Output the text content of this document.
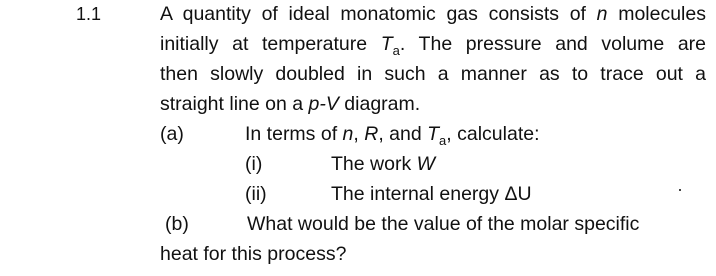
1.1	A quantity of ideal monatomic gas consists of n molecules
initially at temperature $T_a$. The pressure and volume are
then slowly doubled in such a manner as to trace out a
straight line on a p-V diagram.
(a)	In terms of n, R, and $T_a$, calculate:
(i)	The work W
(ii)	The internal energy ΔU
(b)	What would be the value of the molar specific
heat for this process?
